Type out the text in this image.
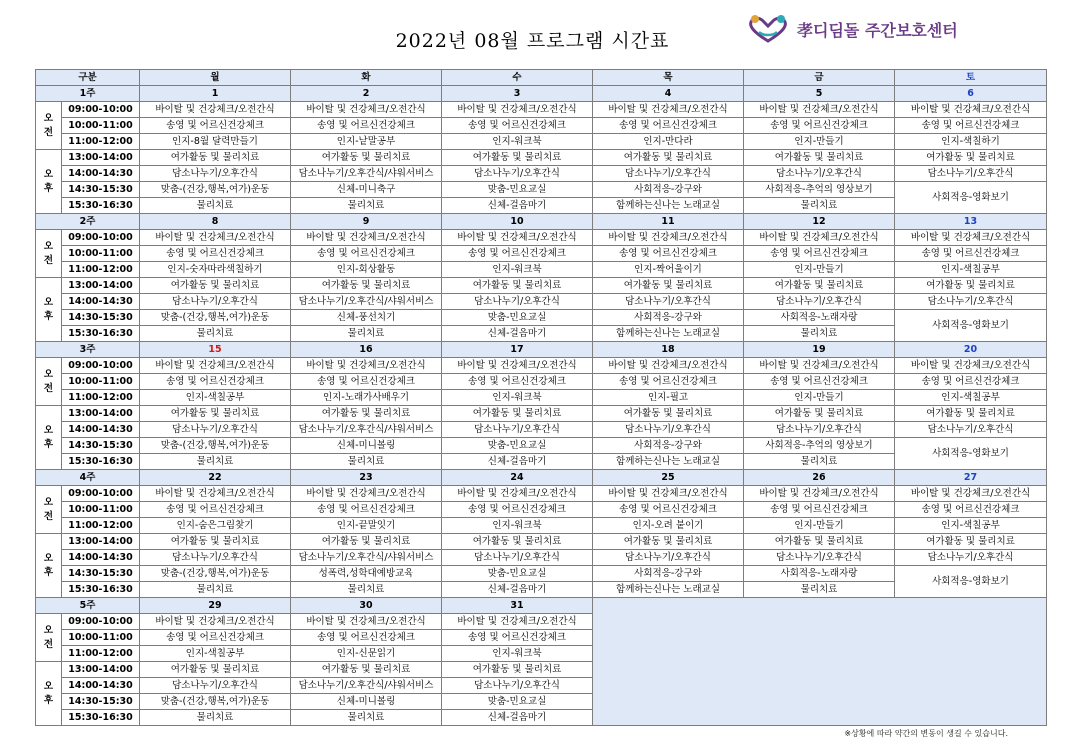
2022년 08월 프로그램 시간표	孝디딤돌 주간보호센터
구분		월	화	수	목	금	토
1주		1	2	3	4	5	6

오
전	09:00-10:00	바이탈 및 건강체크/오전간식	바이탈 및 건강체크/오전간식	바이탈 및 건강체크/오전간식	바이탈 및 건강체크/오전간식	바이탈 및 건강체크/오전간식	바이탈 및 건강체크/오전간식
	10:00-11:00	송영 및 어르신건강체크	송영 및 어르신건강체크	송영 및 어르신건강체크	송영 및 어르신건강체크	송영 및 어르신건강체크	송영 및 어르신건강체크
	11:00-12:00	인지-8월 달력만들기	인지-낱말공부	인지-워크북	인지-만다라	인지-만들기	인지-색칠하기

오
후	13:00-14:00	여가활동 및 물리치료	여가활동 및 물리치료	여가활동 및 물리치료	여가활동 및 물리치료	여가활동 및 물리치료	여가활동 및 물리치료
	14:00-14:30	담소나누기/오후간식	담소나누기/오후간식/샤워서비스	담소나누기/오후간식	담소나누기/오후간식	담소나누기/오후간식	담소나누기/오후간식
	14:30-15:30	맞춤-(건강,행복,여가)운동	신체-미니축구	맞춤-민요교실	사회적응-강구와	사회적응-추억의 영상보기	사회적응-영화보기
	15:30-16:30	물리치료	물리치료	신체-걸음마기	함께하는신나는 노래교실	물리치료	
2주		8	9	10	11	12	13

오
전	09:00-10:00	바이탈 및 건강체크/오전간식	바이탈 및 건강체크/오전간식	바이탈 및 건강체크/오전간식	바이탈 및 건강체크/오전간식	바이탈 및 건강체크/오전간식	바이탈 및 건강체크/오전간식
	10:00-11:00	송영 및 어르신건강체크	송영 및 어르신건강체크	송영 및 어르신건강체크	송영 및 어르신건강체크	송영 및 어르신건강체크	송영 및 어르신건강체크
	11:00-12:00	인지-숫자따라색칠하기	인지-회상활동	인지-워크북	인지-짝어울이기	인지-만들기	인지-색칠공부

오
후	13:00-14:00	여가활동 및 물리치료	여가활동 및 물리치료	여가활동 및 물리치료	여가활동 및 물리치료	여가활동 및 물리치료	여가활동 및 물리치료
	14:00-14:30	담소나누기/오후간식	담소나누기/오후간식/샤워서비스	담소나누기/오후간식	담소나누기/오후간식	담소나누기/오후간식	담소나누기/오후간식
	14:30-15:30	맞춤-(건강,행복,여가)운동	신체-풍선치기	맞춤-민요교실	사회적응-강구와	사회적응-노래자랑	사회적응-영화보기
	15:30-16:30	물리치료	물리치료	신체-걸음마기	함께하는신나는 노래교실	물리치료	
3주		15	16	17	18	19	20

오
전	09:00-10:00	바이탈 및 건강체크/오전간식	바이탈 및 건강체크/오전간식	바이탈 및 건강체크/오전간식	바이탈 및 건강체크/오전간식	바이탈 및 건강체크/오전간식	바이탈 및 건강체크/오전간식
	10:00-11:00	송영 및 어르신건강체크	송영 및 어르신건강체크	송영 및 어르신건강체크	송영 및 어르신건강체크	송영 및 어르신건강체크	송영 및 어르신건강체크
	11:00-12:00	인지-색칠공부	인지-노래가사배우기	인지-워크북	인지-필고	인지-만들기	인지-색칠공부

오
후	13:00-14:00	여가활동 및 물리치료	여가활동 및 물리치료	여가활동 및 물리치료	여가활동 및 물리치료	여가활동 및 물리치료	여가활동 및 물리치료
	14:00-14:30	담소나누기/오후간식	담소나누기/오후간식/샤워서비스	담소나누기/오후간식	담소나누기/오후간식	담소나누기/오후간식	담소나누기/오후간식
	14:30-15:30	맞춤-(건강,행복,여가)운동	신체-미니볼링	맞춤-민요교실	사회적응-강구와	사회적응-추억의 영상보기	사회적응-영화보기
	15:30-16:30	물리치료	물리치료	신체-걸음마기	함께하는신나는 노래교실	물리치료	
4주		22	23	24	25	26	27

오
전	09:00-10:00	바이탈 및 건강체크/오전간식	바이탈 및 건강체크/오전간식	바이탈 및 건강체크/오전간식	바이탈 및 건강체크/오전간식	바이탈 및 건강체크/오전간식	바이탈 및 건강체크/오전간식
	10:00-11:00	송영 및 어르신건강체크	송영 및 어르신건강체크	송영 및 어르신건강체크	송영 및 어르신건강체크	송영 및 어르신건강체크	송영 및 어르신건강체크
	11:00-12:00	인지-숨은그림찾기	인지-끝말잇기	인지-워크북	인지-오려 붙이기	인지-만들기	인지-색칠공부

오
후	13:00-14:00	여가활동 및 물리치료	여가활동 및 물리치료	여가활동 및 물리치료	여가활동 및 물리치료	여가활동 및 물리치료	여가활동 및 물리치료
	14:00-14:30	담소나누기/오후간식	담소나누기/오후간식/샤워서비스	담소나누기/오후간식	담소나누기/오후간식	담소나누기/오후간식	담소나누기/오후간식
	14:30-15:30	맞춤-(건강,행복,여가)운동	성폭력,성학대예방교육	맞춤-민요교실	사회적응-강구와	사회적응-노래자랑	사회적응-영화보기
	15:30-16:30	물리치료	물리치료	신체-걸음마기	함께하는신나는 노래교실	물리치료	
5주		29	30	31			

오
전	09:00-10:00	바이탈 및 건강체크/오전간식	바이탈 및 건강체크/오전간식	바이탈 및 건강체크/오전간식			
	10:00-11:00	송영 및 어르신건강체크	송영 및 어르신건강체크	송영 및 어르신건강체크			
	11:00-12:00	인지-색칠공부	인지-신문읽기	인지-워크북			

오
후	13:00-14:00	여가활동 및 물리치료	여가활동 및 물리치료	여가활동 및 물리치료			
	14:00-14:30	담소나누기/오후간식	담소나누기/오후간식/샤워서비스	담소나누기/오후간식			
	14:30-15:30	맞춤-(건강,행복,여가)운동	신체-미니볼링	맞춤-민요교실			
	15:30-16:30	물리치료	물리치료	신체-걸음마기			
※상황에 따라 약간의 변동이 생길 수 있습니다.
